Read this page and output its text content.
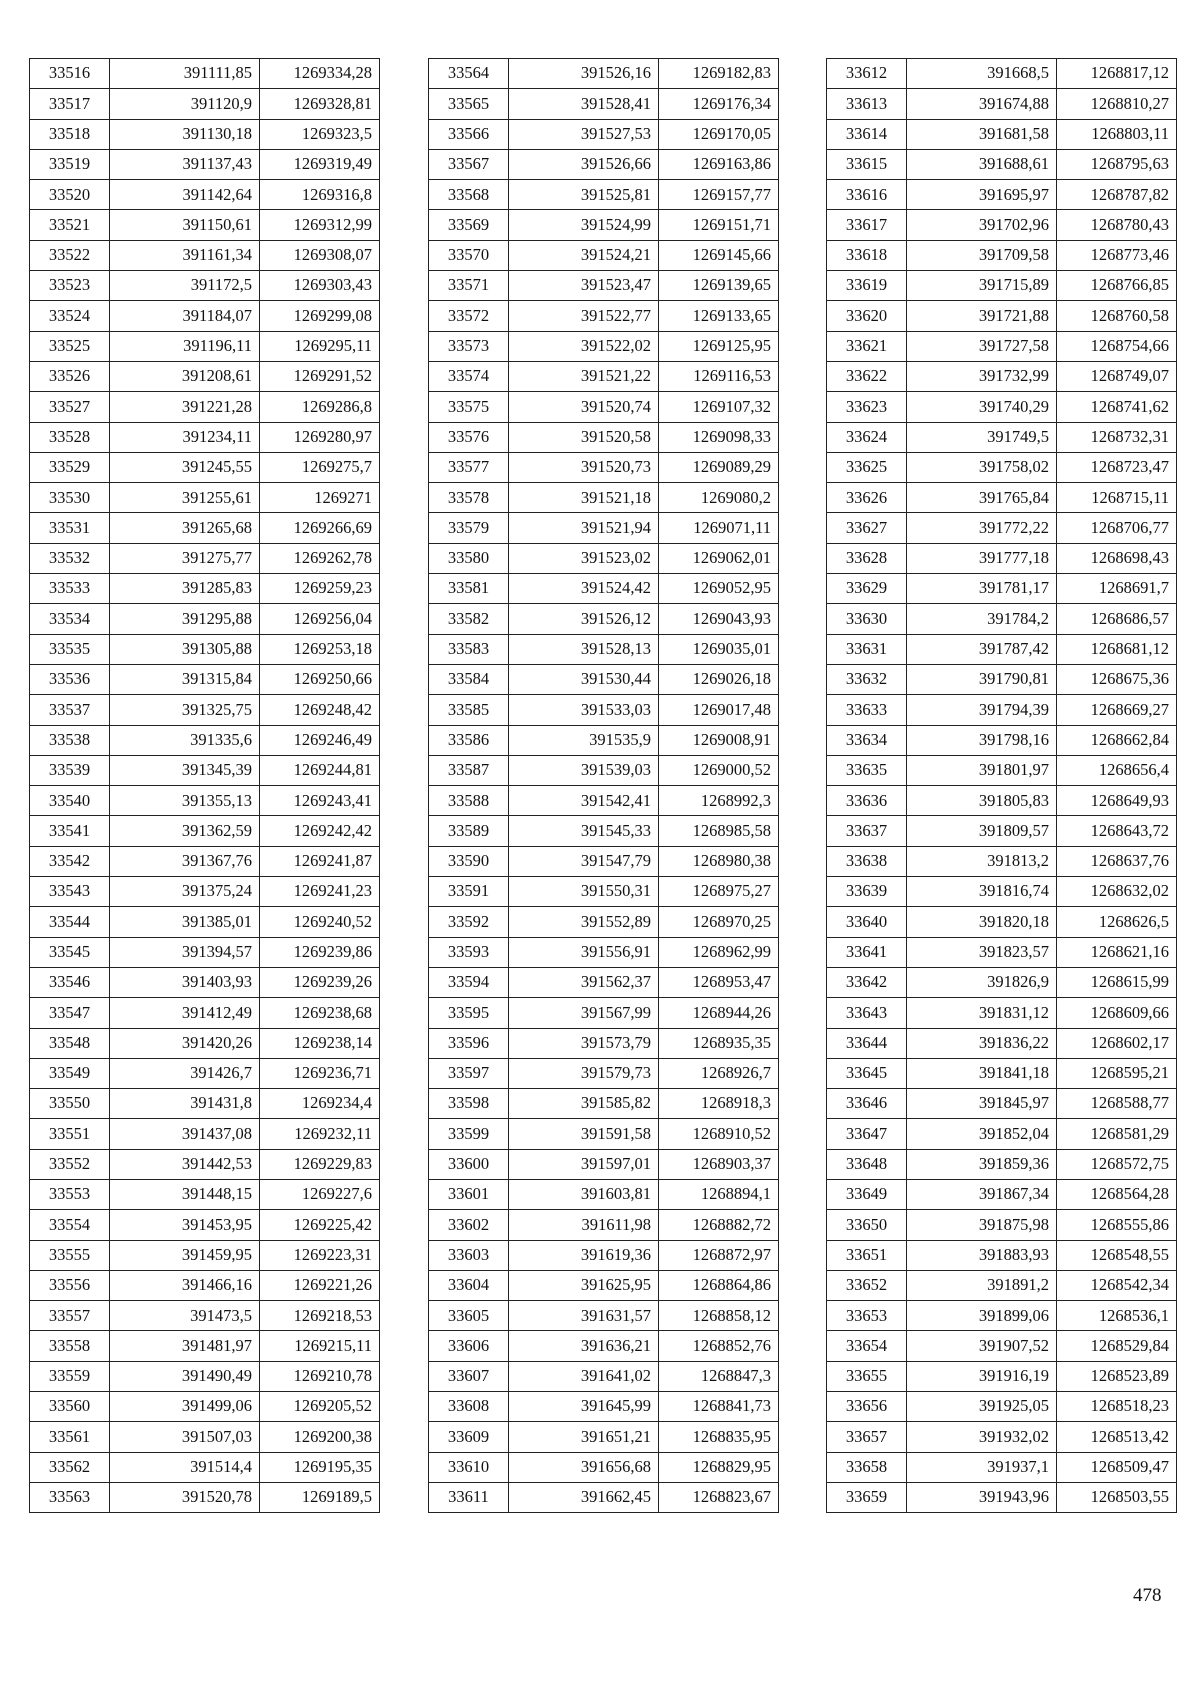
33516	391111,85	1269334,28
33517	391120,9	1269328,81
33518	391130,18	1269323,5
33519	391137,43	1269319,49
33520	391142,64	1269316,8
33521	391150,61	1269312,99
33522	391161,34	1269308,07
33523	391172,5	1269303,43
33524	391184,07	1269299,08
33525	391196,11	1269295,11
33526	391208,61	1269291,52
33527	391221,28	1269286,8
33528	391234,11	1269280,97
33529	391245,55	1269275,7
33530	391255,61	1269271
33531	391265,68	1269266,69
33532	391275,77	1269262,78
33533	391285,83	1269259,23
33534	391295,88	1269256,04
33535	391305,88	1269253,18
33536	391315,84	1269250,66
33537	391325,75	1269248,42
33538	391335,6	1269246,49
33539	391345,39	1269244,81
33540	391355,13	1269243,41
33541	391362,59	1269242,42
33542	391367,76	1269241,87
33543	391375,24	1269241,23
33544	391385,01	1269240,52
33545	391394,57	1269239,86
33546	391403,93	1269239,26
33547	391412,49	1269238,68
33548	391420,26	1269238,14
33549	391426,7	1269236,71
33550	391431,8	1269234,4
33551	391437,08	1269232,11
33552	391442,53	1269229,83
33553	391448,15	1269227,6
33554	391453,95	1269225,42
33555	391459,95	1269223,31
33556	391466,16	1269221,26
33557	391473,5	1269218,53
33558	391481,97	1269215,11
33559	391490,49	1269210,78
33560	391499,06	1269205,52
33561	391507,03	1269200,38
33562	391514,4	1269195,35
33563	391520,78	1269189,5
33564	391526,16	1269182,83
33565	391528,41	1269176,34
33566	391527,53	1269170,05
33567	391526,66	1269163,86
33568	391525,81	1269157,77
33569	391524,99	1269151,71
33570	391524,21	1269145,66
33571	391523,47	1269139,65
33572	391522,77	1269133,65
33573	391522,02	1269125,95
33574	391521,22	1269116,53
33575	391520,74	1269107,32
33576	391520,58	1269098,33
33577	391520,73	1269089,29
33578	391521,18	1269080,2
33579	391521,94	1269071,11
33580	391523,02	1269062,01
33581	391524,42	1269052,95
33582	391526,12	1269043,93
33583	391528,13	1269035,01
33584	391530,44	1269026,18
33585	391533,03	1269017,48
33586	391535,9	1269008,91
33587	391539,03	1269000,52
33588	391542,41	1268992,3
33589	391545,33	1268985,58
33590	391547,79	1268980,38
33591	391550,31	1268975,27
33592	391552,89	1268970,25
33593	391556,91	1268962,99
33594	391562,37	1268953,47
33595	391567,99	1268944,26
33596	391573,79	1268935,35
33597	391579,73	1268926,7
33598	391585,82	1268918,3
33599	391591,58	1268910,52
33600	391597,01	1268903,37
33601	391603,81	1268894,1
33602	391611,98	1268882,72
33603	391619,36	1268872,97
33604	391625,95	1268864,86
33605	391631,57	1268858,12
33606	391636,21	1268852,76
33607	391641,02	1268847,3
33608	391645,99	1268841,73
33609	391651,21	1268835,95
33610	391656,68	1268829,95
33611	391662,45	1268823,67
33612	391668,5	1268817,12
33613	391674,88	1268810,27
33614	391681,58	1268803,11
33615	391688,61	1268795,63
33616	391695,97	1268787,82
33617	391702,96	1268780,43
33618	391709,58	1268773,46
33619	391715,89	1268766,85
33620	391721,88	1268760,58
33621	391727,58	1268754,66
33622	391732,99	1268749,07
33623	391740,29	1268741,62
33624	391749,5	1268732,31
33625	391758,02	1268723,47
33626	391765,84	1268715,11
33627	391772,22	1268706,77
33628	391777,18	1268698,43
33629	391781,17	1268691,7
33630	391784,2	1268686,57
33631	391787,42	1268681,12
33632	391790,81	1268675,36
33633	391794,39	1268669,27
33634	391798,16	1268662,84
33635	391801,97	1268656,4
33636	391805,83	1268649,93
33637	391809,57	1268643,72
33638	391813,2	1268637,76
33639	391816,74	1268632,02
33640	391820,18	1268626,5
33641	391823,57	1268621,16
33642	391826,9	1268615,99
33643	391831,12	1268609,66
33644	391836,22	1268602,17
33645	391841,18	1268595,21
33646	391845,97	1268588,77
33647	391852,04	1268581,29
33648	391859,36	1268572,75
33649	391867,34	1268564,28
33650	391875,98	1268555,86
33651	391883,93	1268548,55
33652	391891,2	1268542,34
33653	391899,06	1268536,1
33654	391907,52	1268529,84
33655	391916,19	1268523,89
33656	391925,05	1268518,23
33657	391932,02	1268513,42
33658	391937,1	1268509,47
33659	391943,96	1268503,55
478
